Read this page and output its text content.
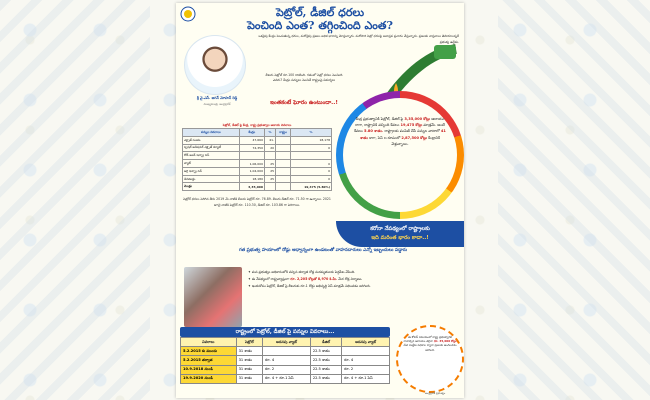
పెట్రోల్, డీజిల్ ధరలు
పెంచింది ఎంత? తగ్గించింది ఎంత?
ఒకవైపు కేంద్రం పెంచుతున్న ధరలు, మరోవైపు ప్రజలు అధిక భారాన్ని మోస్తున్నారు. మరోసారి పెట్రో ధరలపై అవాస్తవ ప్రచారం చేస్తున్నారు. ప్రజలకు వాస్తవాలు తెలియాలన్నదే ప్రభుత్వ ఉద్దేశం.
శ్రీ వై.ఎస్. జగన్ మోహన్ రెడ్డి
ముఖ్యమంత్రి, ఆంధ్రప్రదేశ్
లీటరు పెట్రోల్ రూ.100 దాటింది. గతంలో పెట్రో ధరలు పెంచింది ఎవరు? కేంద్రం పన్నులు పెంచితే రాష్ట్రంపై విమర్శలు
ఇంతకంటే ఘోరం ఉంటుందా..!
పెట్రోల్, డీజిల్ పై కేంద్ర, రాష్ట్ర ప్రభుత్వాల ఆదాయ వివరాలు
పన్నుల వివరాలు	కేంద్రం	%	రాష్ట్రం	%
ఎక్సైజ్ సుంకం	47,660	41.		18,178
స్పెషల్ అడిషనల్ ఎక్సైజ్ డ్యూటీ	74,350	20		0
రోడ్ అండ్ ఇన్ఫ్రా సెస్				
వ్యాట్	1,06,000	25		0
అగ్రి ఇన్ఫ్రా సెస్	1,04,000	25		0
డివిడెండ్లు	18,180	25		0
మొత్తం	3,35,000			19,475 (5.80%)
పెట్రోల్ ధరలు పెరిగిన తీరు 2019 మే నాటికి లీటరు పెట్రోల్ రూ. 76.89. లీటరు డీజిల్ రూ. 71.50 గా ఉన్నాయి. 2021 జూలై నాటికి పెట్రోల్ రూ. 110.30, డీజిల్ రూ. 103.86 గా పెరిగాయి.
కేంద్ర ప్రభుత్వానికి పెట్రోల్, డీజిల్ పై 3,35,000 కోట్లు ఆదాయం రాగా, రాష్ట్రానికి వచ్చింది కేవలం 19,475 కోట్లు మాత్రమే. అంటే కేవలం 5.80 శాతం. రాష్ట్రాలకు పంపిణీ చేసే పన్నుల వాటాలో 41 శాతం కాగా, సెస్ ల రూపంలో 2,87,500 కోట్లు కేంద్రానికే వెళ్తున్నాయి.
కరోనా నేపథ్యంలో రాష్ట్రాలకు
ఇది మరింత భారం కాదా..!
గత ప్రభుత్వ హయాంలో రోడ్లు అధ్వాన్నంగా ఉండటంతో వాహనదారులు ఎన్నో ఇబ్బందులు పడ్డారు
✦ మన ప్రభుత్వం అధికారంలోకి వచ్చిన తర్వాత రోడ్ల మరమ్మతులకు పెద్దపీట వేసింది.
✦ ఈ నేపథ్యంలో రాష్ట్రవ్యాప్తంగా రూ. 2,205 కోట్లతో 8,970 కి.మీ. మేర రోడ్ల నిర్మాణం.
✦ ఇందుకోసం పెట్రోల్, డీజిల్ పై లీటరుకు రూ.1 రోడ్డు అభివృద్ధి సెస్ మాత్రమే విధించడం జరిగింది.
రాష్ట్రంలో పెట్రోల్, డీజిల్ పై పన్నుల వివరాలు...
వివరాలు	పెట్రోల్	అదనపు వ్యాట్	డీజిల్	అదనపు వ్యాట్
5.2.2015 కు ముందు	31 శాతం		22.5 శాతం	
5.2.2015 తర్వాత	31 శాతం	రూ. 4	22.5 శాతం	రూ. 4
10.9.2018 నుండి	31 శాతం	రూ. 2	22.5 శాతం	రూ. 2
19.9.2020 నుండి	31 శాతం	రూ. 4 + రూ.1 సెస్	22.5 శాతం	రూ. 4 + రూ.1 సెస్
ఈ కోవిడ్ సమయంలో రాష్ట్ర ప్రభుత్వానికి రావాల్సిన ఆదాయం తగ్గినా రూ. 35,000 కోట్లు మేర సంక్షేమ పథకాల ద్వారా ప్రజలకు అందించడం జరిగింది.
ఆంధ్రప్రదేశ్ ప్రభుత్వం
